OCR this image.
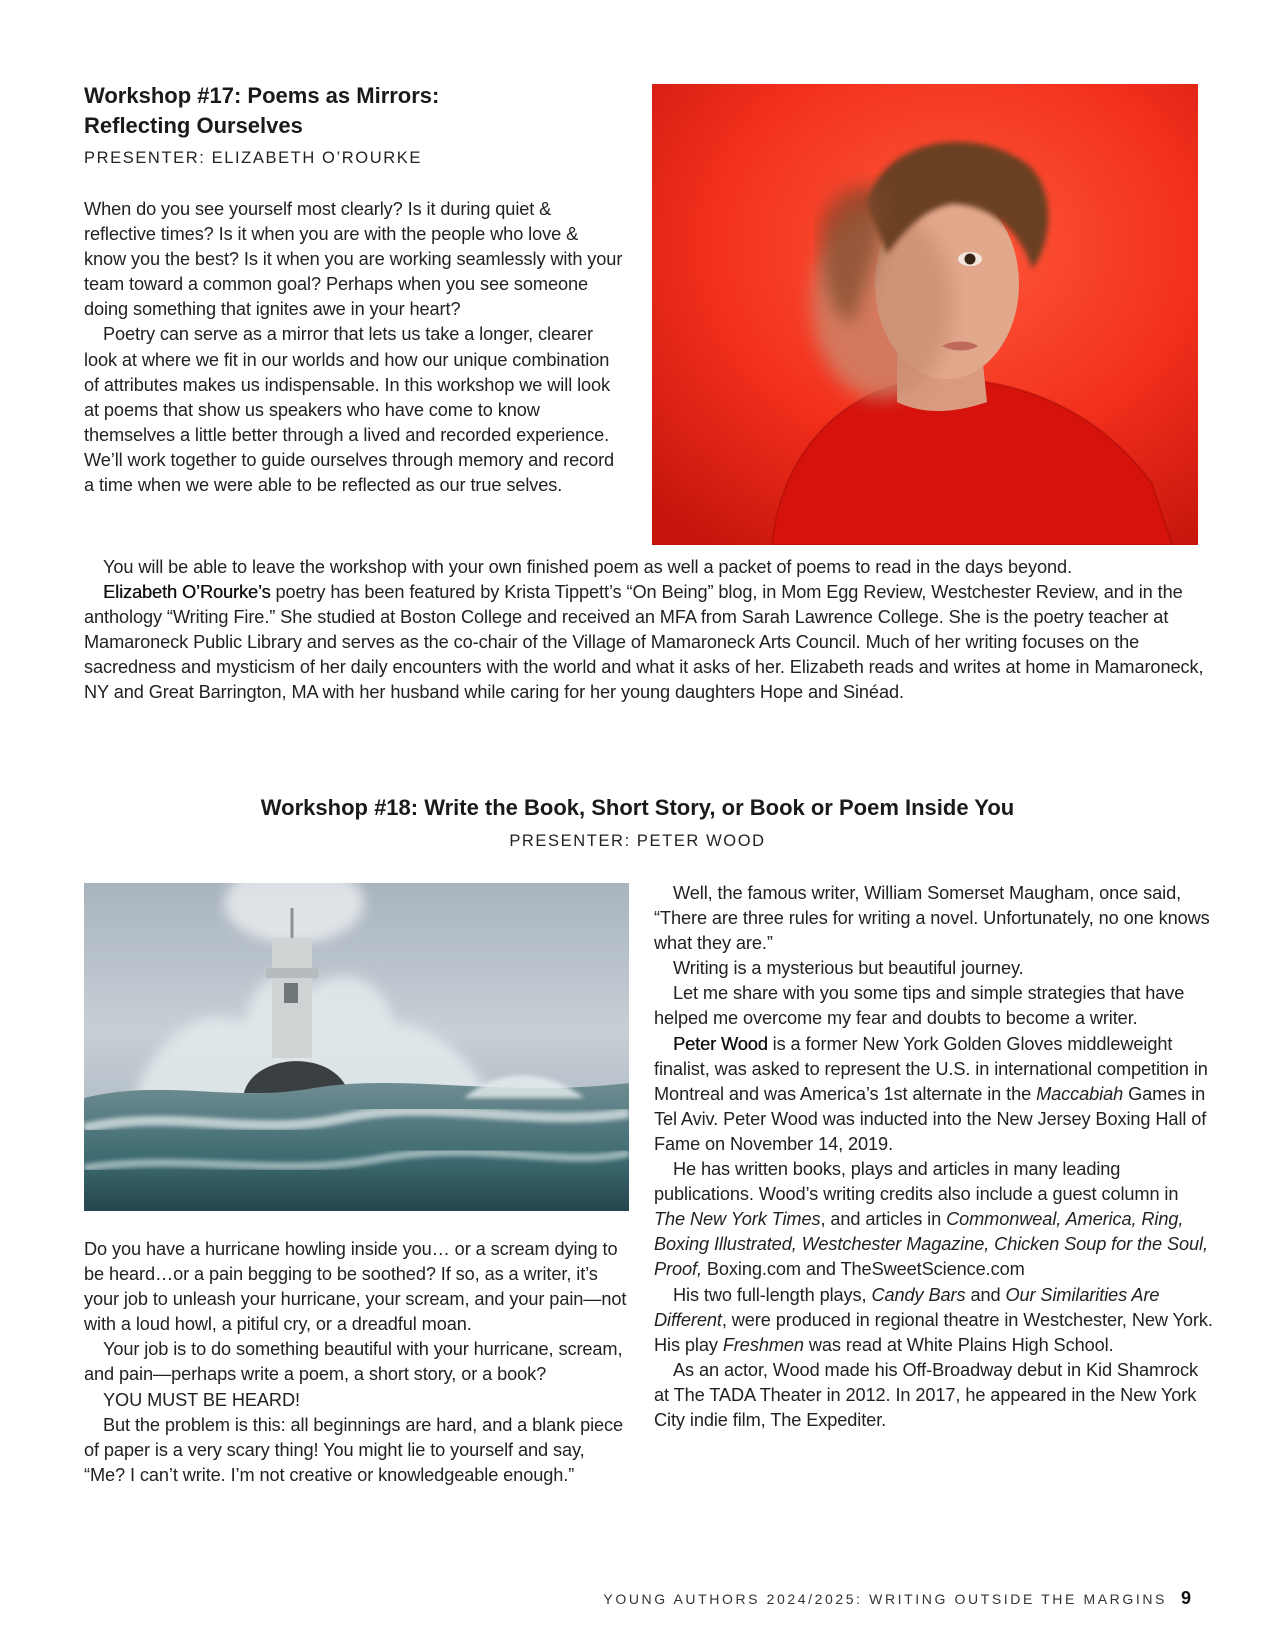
Workshop #17: Poems as Mirrors:
Reflecting Ourselves
PRESENTER: ELIZABETH O’ROURKE

When do you see yourself most clearly? Is it during quiet & reflective times? Is it when you are with the people who love & know you the best? Is it when you are working seamlessly with your team toward a common goal? Perhaps when you see someone doing something that ignites awe in your heart?

Poetry can serve as a mirror that lets us take a longer, clearer look at where we fit in our worlds and how our unique combination of attributes makes us indispensable. In this workshop we will look at poems that show us speakers who have come to know themselves a little better through a lived and recorded experience. We’ll work together to guide ourselves through memory and record a time when we were able to be reflected as our true selves.

You will be able to leave the workshop with your own finished poem as well a packet of poems to read in the days beyond.

Elizabeth O’Rourke’s poetry has been featured by Krista Tippett’s “On Being” blog, in Mom Egg Review, Westchester Review, and in the anthology “Writing Fire.” She studied at Boston College and received an MFA from Sarah Lawrence College. She is the poetry teacher at Mamaroneck Public Library and serves as the co-chair of the Village of Mamaroneck Arts Council. Much of her writing focuses on the sacredness and mysticism of her daily encounters with the world and what it asks of her. Elizabeth reads and writes at home in Mamaroneck, NY and Great Barrington, MA with her husband while caring for her young daughters Hope and Sinéad.

Workshop #18: Write the Book, Short Story, or Book or Poem Inside You
PRESENTER: PETER WOOD

Do you have a hurricane howling inside you… or a scream dying to be heard…or a pain begging to be soothed? If so, as a writer, it’s your job to unleash your hurricane, your scream, and your pain—not with a loud howl, a pitiful cry, or a dreadful moan.

Your job is to do something beautiful with your hurricane, scream, and pain—perhaps write a poem, a short story, or a book?

YOU MUST BE HEARD!

But the problem is this: all beginnings are hard, and a blank piece of paper is a very scary thing! You might lie to yourself and say, “Me? I can’t write. I’m not creative or knowledgeable enough.”

Well, the famous writer, William Somerset Maugham, once said, “There are three rules for writing a novel. Unfortunately, no one knows what they are.”

Writing is a mysterious but beautiful journey.

Let me share with you some tips and simple strategies that have helped me overcome my fear and doubts to become a writer.

Peter Wood is a former New York Golden Gloves middleweight finalist, was asked to represent the U.S. in international competition in Montreal and was America’s 1st alternate in the Maccabiah Games in Tel Aviv. Peter Wood was inducted into the New Jersey Boxing Hall of Fame on November 14, 2019.

He has written books, plays and articles in many leading publications. Wood’s writing credits also include a guest column in The New York Times, and articles in Commonweal, America, Ring, Boxing Illustrated, Westchester Magazine, Chicken Soup for the Soul, Proof, Boxing.com and TheSweetScience.com

His two full-length plays, Candy Bars and Our Similarities Are Different, were produced in regional theatre in Westchester, New York. His play Freshmen was read at White Plains High School.

As an actor, Wood made his Off-Broadway debut in Kid Shamrock at The TADA Theater in 2012. In 2017, he appeared in the New York City indie film, The Expediter.

YOUNG AUTHORS 2024/2025: WRITING OUTSIDE THE MARGINS 9
